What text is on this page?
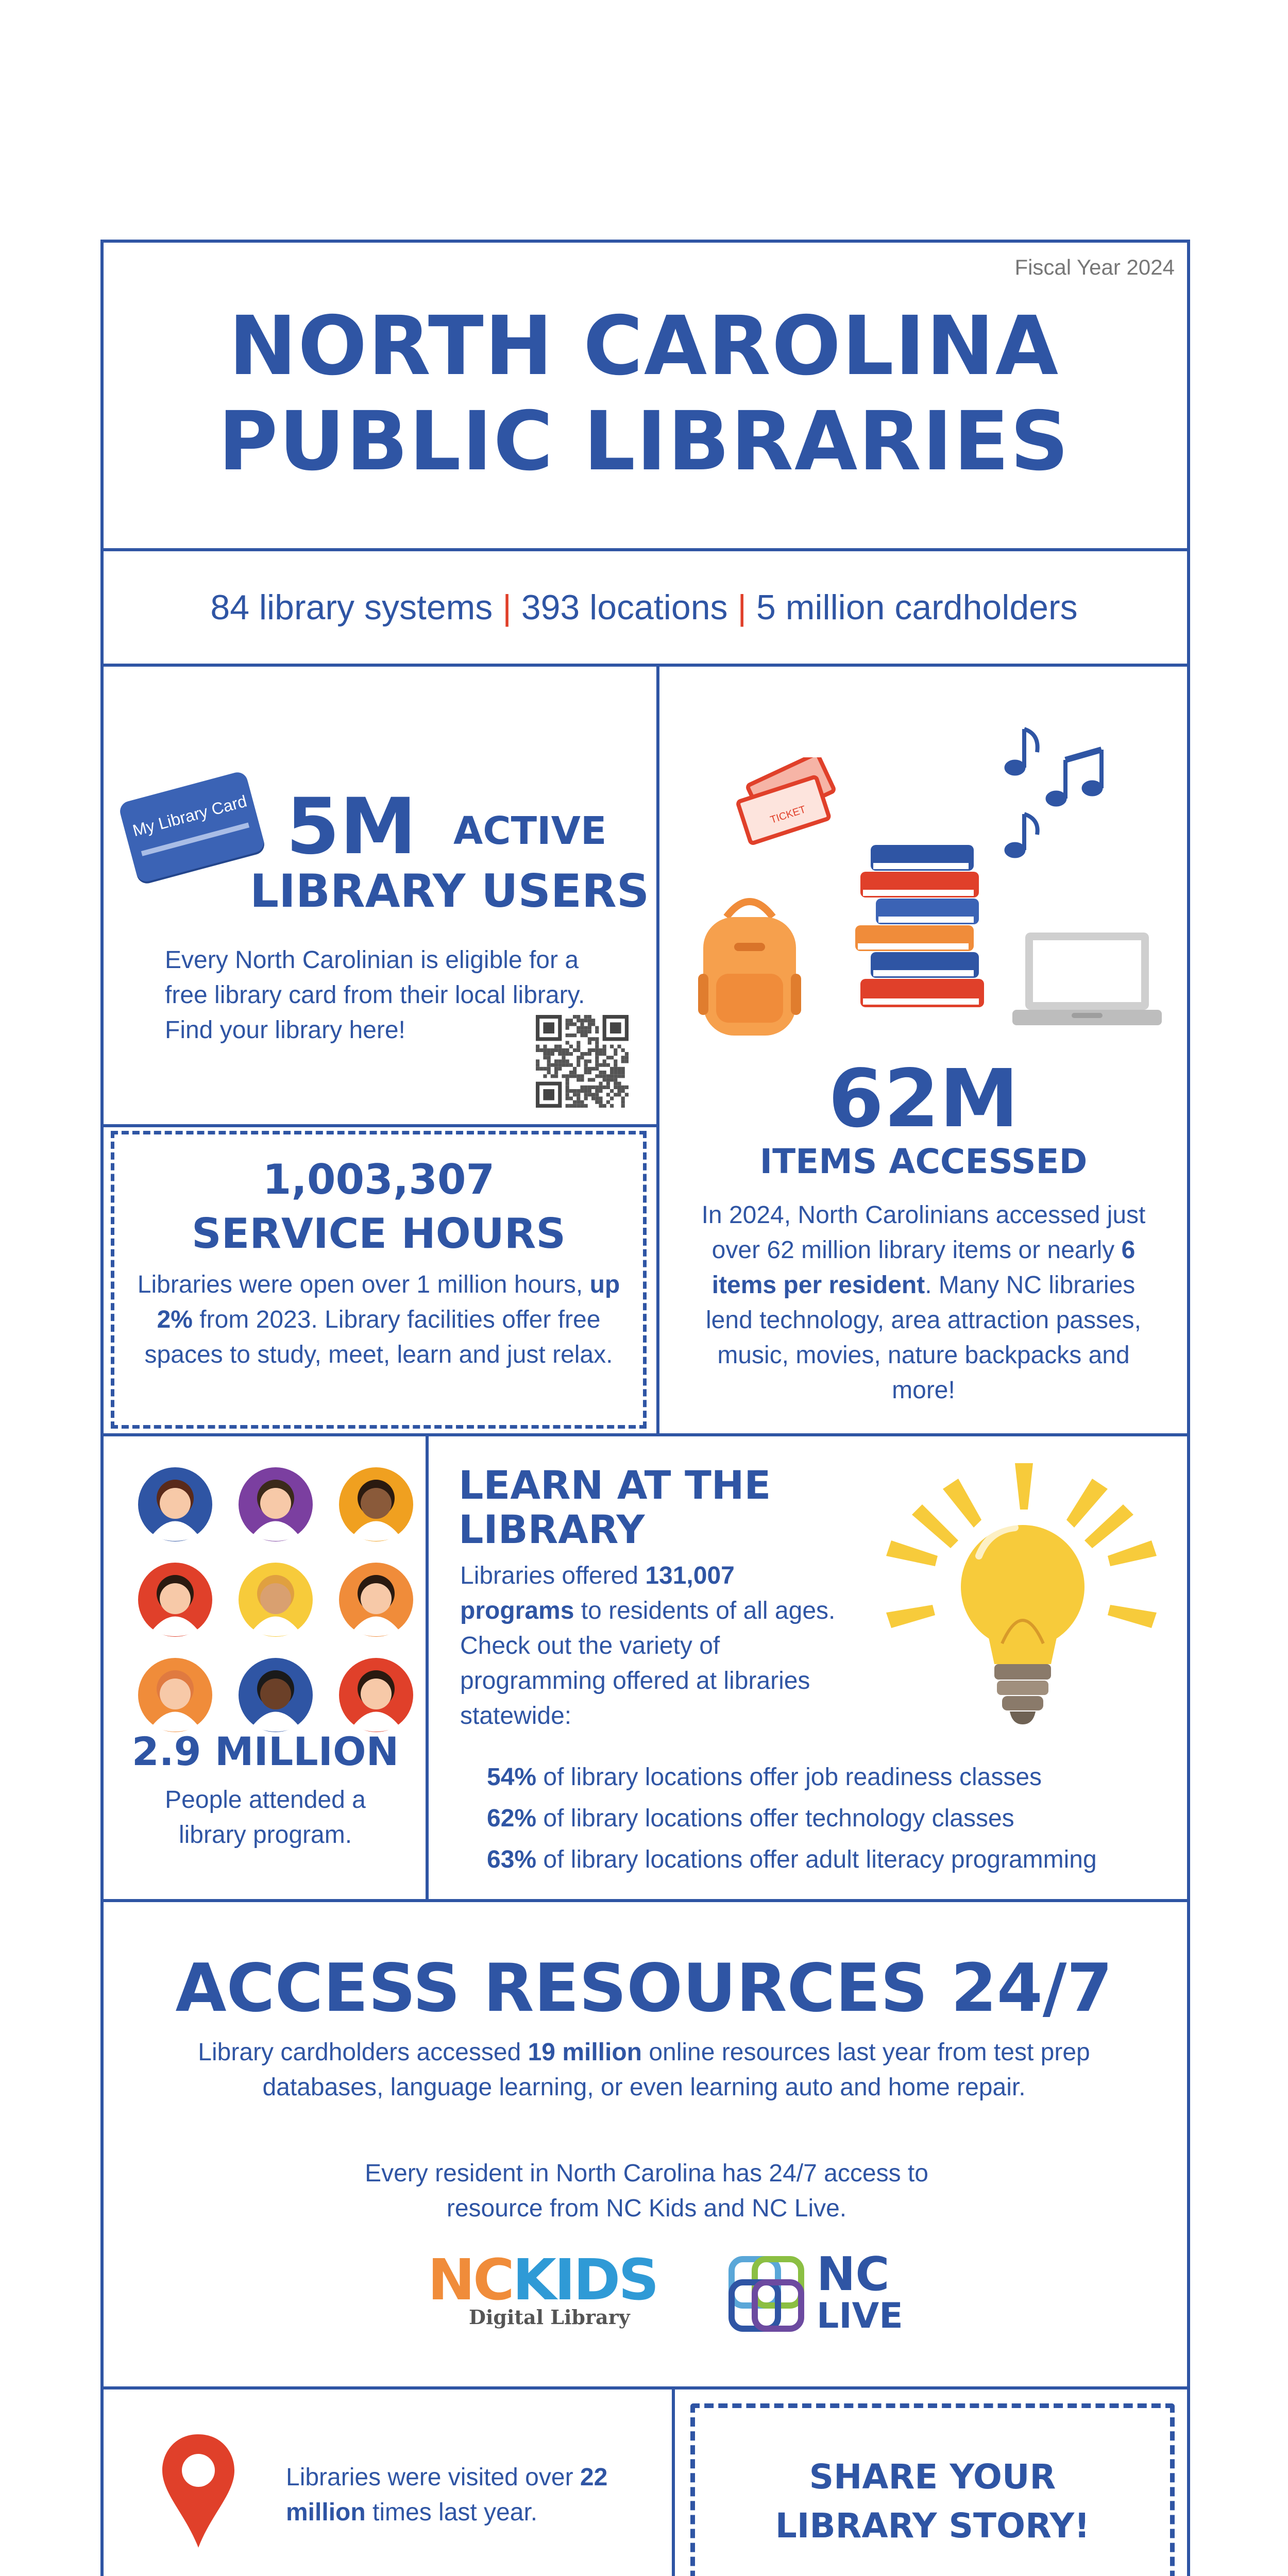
Fiscal Year 2024
NORTH CAROLINA
PUBLIC LIBRARIES
84 library systems | 393 locations | 5 million cardholders
My Library Card 5M ACTIVE
LIBRARY USERS
Every North Carolinian is eligible for a free library card from their local library. Find your library here!
TICKET
62M
ITEMS ACCESSED
In 2024, North Carolinians accessed just over 62 million library items or nearly 6 items per resident. Many NC libraries lend technology, area attraction passes, music, movies, nature backpacks and more!
1,003,307
SERVICE HOURS
Libraries were open over 1 million hours, up 2% from 2023. Library facilities offer free spaces to study, meet, learn and just relax.
2.9 MILLION
People attended a library program.
LEARN AT THE
LIBRARY
Libraries offered 131,007
programs to residents of all ages. Check out the variety of programming offered at libraries statewide:
54% of library locations offer job readiness classes
62% of library locations offer technology classes
63% of library locations offer adult literacy programming
ACCESS RESOURCES 24/7
Library cardholders accessed 19 million online resources last year from test prep databases, language learning, or even learning auto and home repair.
Every resident in North Carolina has 24/7 access to resource from NC Kids and NC Live.
NCKIDS
Digital Library
NC
LIVE
Libraries were visited over 22 million times last year.
SHARE YOUR
LIBRARY STORY!
